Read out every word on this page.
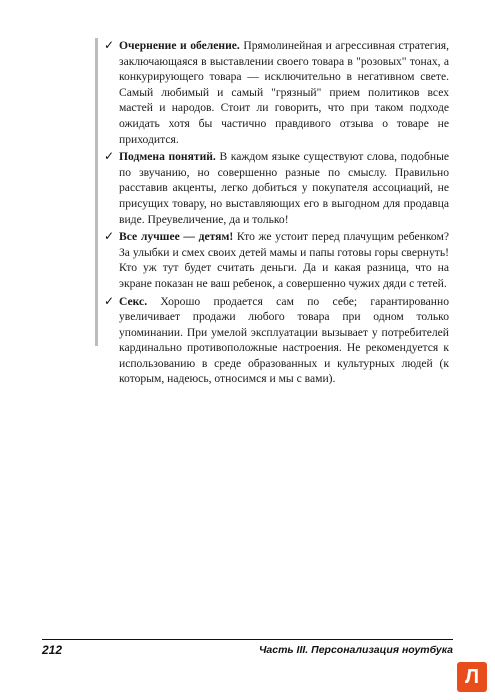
✓ Очернение и обеление. Прямолинейная и агрессивная стратегия, заключающаяся в выставлении своего товара в "розовых" тонах, а конкурирующего товара — исключительно в негативном свете. Самый любимый и самый "грязный" прием политиков всех мастей и народов. Стоит ли говорить, что при таком подходе ожидать хотя бы частично правдивого отзыва о товаре не приходится.
✓ Подмена понятий. В каждом языке существуют слова, подобные по звучанию, но совершенно разные по смыслу. Правильно расставив акценты, легко добиться у покупателя ассоциаций, не присущих товару, но выставляющих его в выгодном для продавца виде. Преувеличение, да и только!
✓ Все лучшее — детям! Кто же устоит перед плачущим ребенком? За улыбки и смех своих детей мамы и папы готовы горы свернуть! Кто уж тут будет считать деньги. Да и какая разница, что на экране показан не ваш ребенок, а совершенно чужих дяди с тетей.
✓ Секс. Хорошо продается сам по себе; гарантированно увеличивает продажи любого товара при одном только упоминании. При умелой эксплуатации вызывает у потребителей кардинально противоположные настроения. Не рекомендуется к использованию в среде образованных и культурных людей (к которым, надеюсь, относимся и мы с вами).
212	Часть III. Персонализация ноутбука
Л
